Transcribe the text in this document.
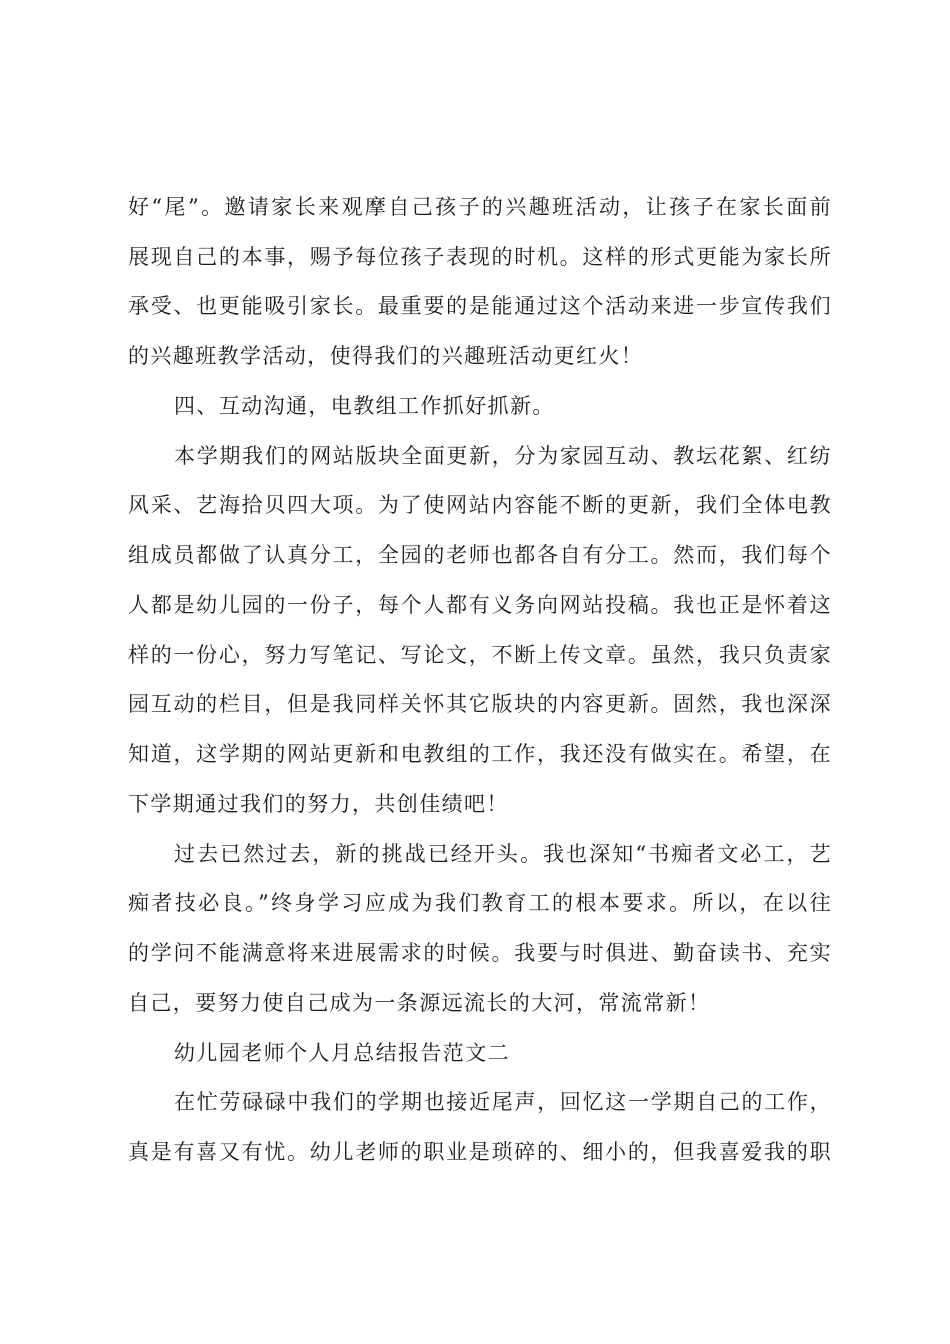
好“尾”。邀请家长来观摩自己孩子的兴趣班活动，让孩子在家长面前
展现自己的本事，赐予每位孩子表现的时机。这样的形式更能为家长所
承受、也更能吸引家长。最重要的是能通过这个活动来进一步宣传我们
的兴趣班教学活动，使得我们的兴趣班活动更红火！
四、互动沟通，电教组工作抓好抓新。
本学期我们的网站版块全面更新，分为家园互动、教坛花絮、红纺
风采、艺海拾贝四大项。为了使网站内容能不断的更新，我们全体电教
组成员都做了认真分工，全园的老师也都各自有分工。然而，我们每个
人都是幼儿园的一份子，每个人都有义务向网站投稿。我也正是怀着这
样的一份心，努力写笔记、写论文，不断上传文章。虽然，我只负责家
园互动的栏目，但是我同样关怀其它版块的内容更新。固然，我也深深
知道，这学期的网站更新和电教组的工作，我还没有做实在。希望，在
下学期通过我们的努力，共创佳绩吧！
过去已然过去，新的挑战已经开头。我也深知“书痴者文必工，艺
痴者技必良。”终身学习应成为我们教育工的根本要求。所以，在以往
的学问不能满意将来进展需求的时候。我要与时俱进、勤奋读书、充实
自己，要努力使自己成为一条源远流长的大河，常流常新！
幼儿园老师个人月总结报告范文二
在忙劳碌碌中我们的学期也接近尾声，回忆这一学期自己的工作，
真是有喜又有忧。幼儿老师的职业是琐碎的、细小的，但我喜爱我的职
